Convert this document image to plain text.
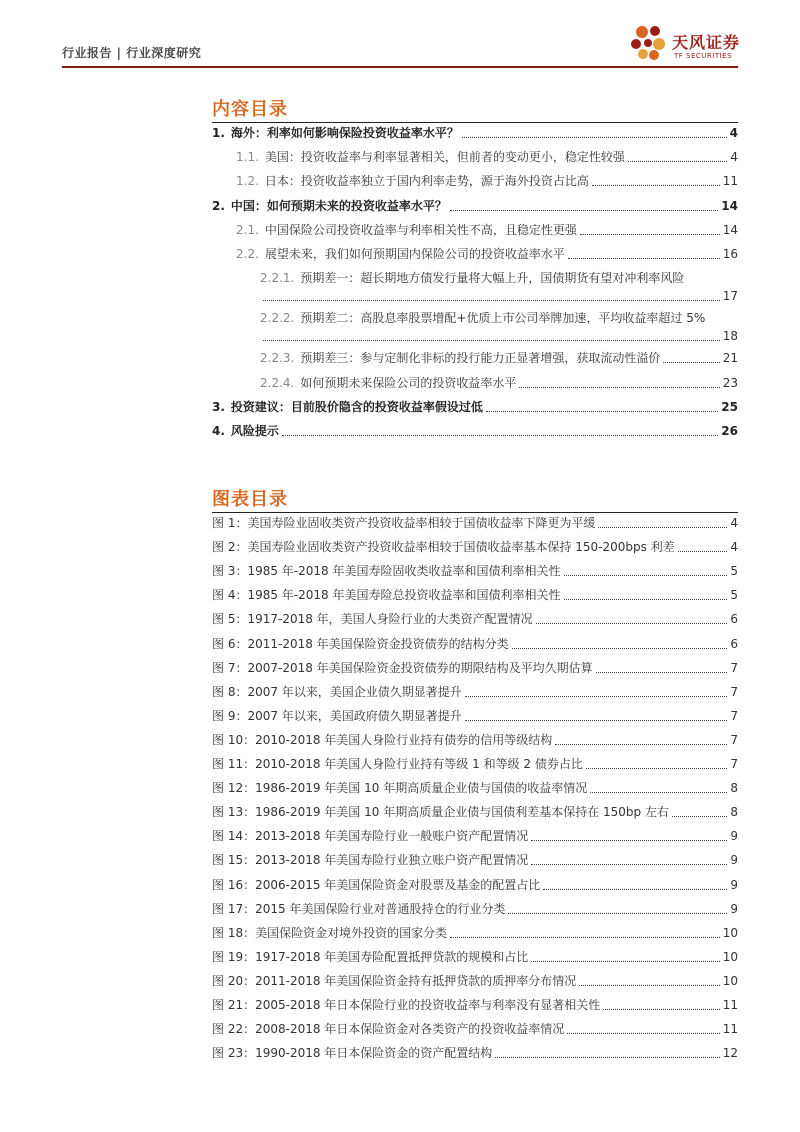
行业报告 | 行业深度研究
天风证券
TF SECURITIES
内容目录
1. 海外：利率如何影响保险投资收益率水平？	4
1.1. 美国：投资收益率与利率显著相关，但前者的变动更小，稳定性较强	4
1.2. 日本：投资收益率独立于国内利率走势，源于海外投资占比高	11
2. 中国：如何预期未来的投资收益率水平？	14
2.1. 中国保险公司投资收益率与利率相关性不高，且稳定性更强	14
2.2. 展望未来，我们如何预期国内保险公司的投资收益率水平	16
2.2.1. 预期差一：超长期地方债发行量将大幅上升，国债期货有望对冲利率风险
17
2.2.2. 预期差二：高股息率股票增配+优质上市公司举牌加速，平均收益率超过 5%
18
2.2.3. 预期差三：参与定制化非标的投行能力正显著增强，获取流动性溢价	21
2.2.4. 如何预期未来保险公司的投资收益率水平	23
3. 投资建议：目前股价隐含的投资收益率假设过低	25
4. 风险提示	26
图表目录
图 1：美国寿险业固收类资产投资收益率相较于国债收益率下降更为平缓	4
图 2：美国寿险业固收类资产投资收益率相较于国债收益率基本保持 150-200bps 利差	4
图 3：1985 年-2018 年美国寿险固收类收益率和国债利率相关性	5
图 4：1985 年-2018 年美国寿险总投资收益率和国债利率相关性	5
图 5：1917-2018 年，美国人身险行业的大类资产配置情况	6
图 6：2011-2018 年美国保险资金投资债券的结构分类	6
图 7：2007-2018 年美国保险资金投资债券的期限结构及平均久期估算	7
图 8：2007 年以来，美国企业债久期显著提升	7
图 9：2007 年以来，美国政府债久期显著提升	7
图 10：2010-2018 年美国人身险行业持有债券的信用等级结构	7
图 11：2010-2018 年美国人身险行业持有等级 1 和等级 2 债券占比	7
图 12：1986-2019 年美国 10 年期高质量企业债与国债的收益率情况	8
图 13：1986-2019 年美国 10 年期高质量企业债与国债利差基本保持在 150bp 左右	8
图 14：2013-2018 年美国寿险行业一般账户资产配置情况	9
图 15：2013-2018 年美国寿险行业独立账户资产配置情况	9
图 16：2006-2015 年美国保险资金对股票及基金的配置占比	9
图 17：2015 年美国保险行业对普通股持仓的行业分类	9
图 18：美国保险资金对境外投资的国家分类	10
图 19：1917-2018 年美国寿险配置抵押贷款的规模和占比	10
图 20：2011-2018 年美国保险资金持有抵押贷款的质押率分布情况	10
图 21：2005-2018 年日本保险行业的投资收益率与利率没有显著相关性	11
图 22：2008-2018 年日本保险资金对各类资产的投资收益率情况	11
图 23：1990-2018 年日本保险资金的资产配置结构	12
